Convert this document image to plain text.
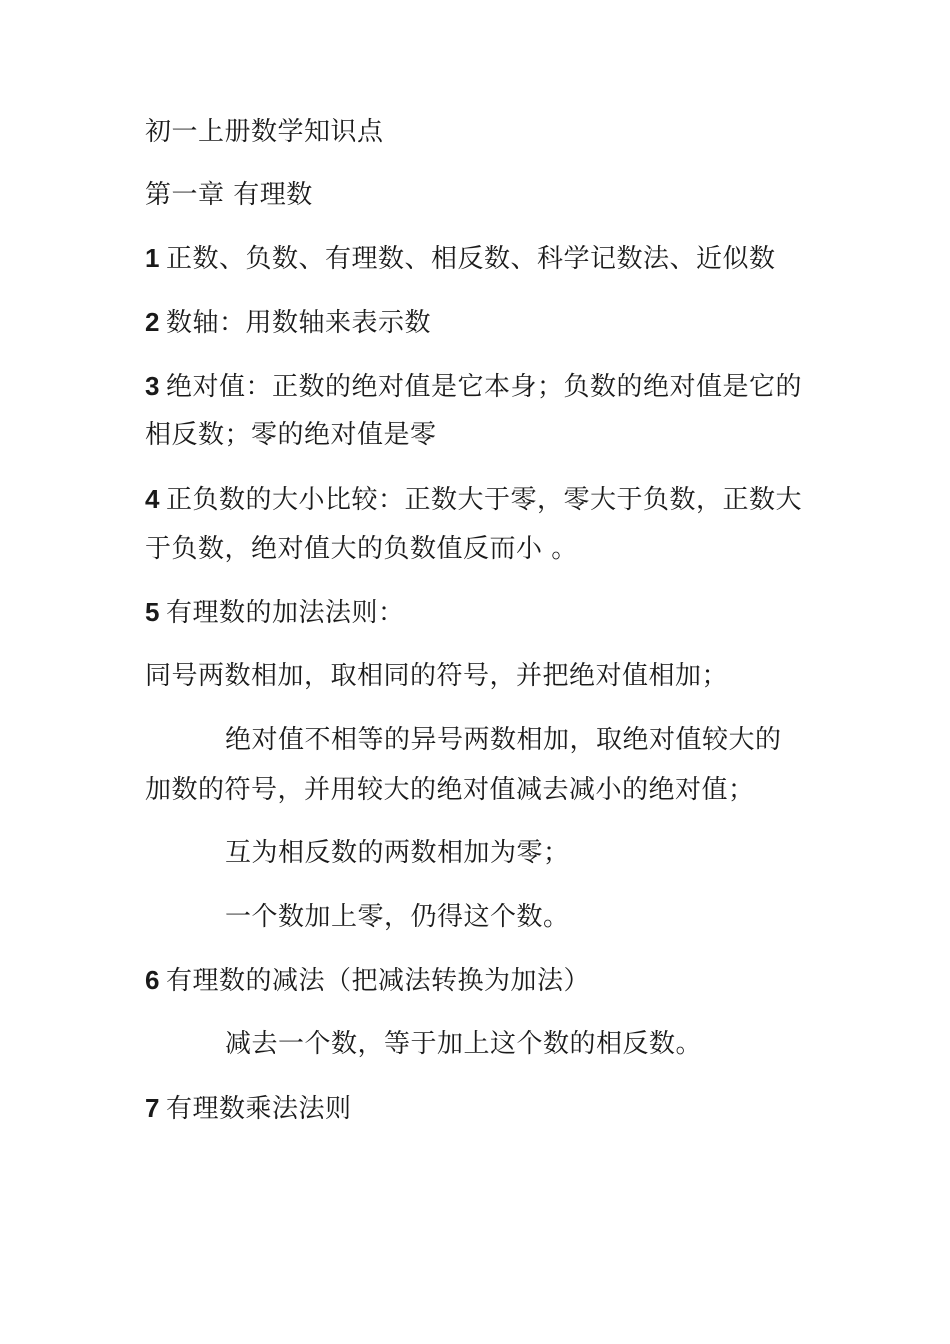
初一上册数学知识点
第一章 有理数
1 正数、负数、有理数、相反数、科学记数法、近似数
2 数轴：用数轴来表示数
3 绝对值：正数的绝对值是它本身；负数的绝对值是它的
相反数；零的绝对值是零
4 正负数的大小比较：正数大于零，零大于负数，正数大
于负数，绝对值大的负数值反而小 。
5 有理数的加法法则：
同号两数相加，取相同的符号，并把绝对值相加；
绝对值不相等的异号两数相加，取绝对值较大的
加数的符号，并用较大的绝对值减去减小的绝对值；
互为相反数的两数相加为零；
一个数加上零，仍得这个数。
6 有理数的减法（把减法转换为加法）
减去一个数，等于加上这个数的相反数。
7 有理数乘法法则
